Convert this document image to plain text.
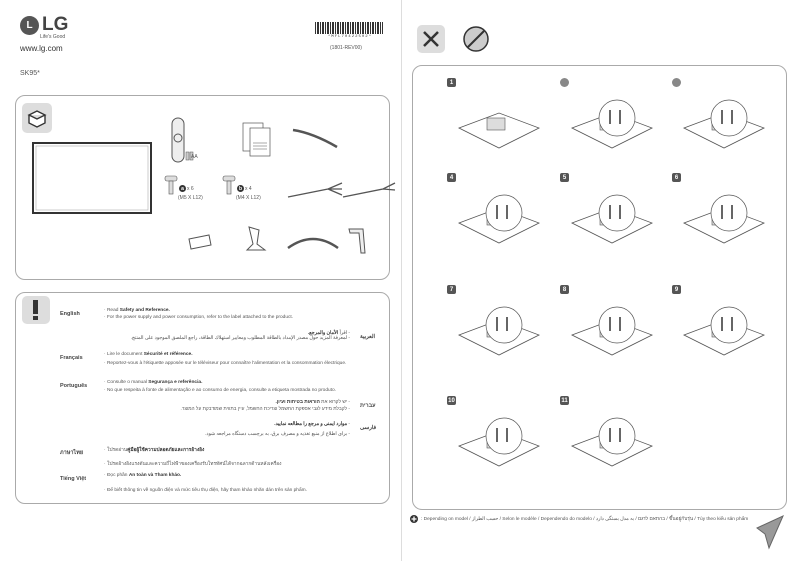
L LG
Life's Good
www.lg.com
SK95*
*MFL70422502*
(1801-REV00)
AA
a x 6
(M5 X L12)
b x 4
(M4 X L12)
English
· Read Safety and Reference.
· For the power supply and power consumption, refer to the label attached to the product.
العربية
- اقرأ الأمان والمرجع.
- لمعرفة المزيد حول مصدر الإمداد بالطاقة المطلوب ومعايير استهلاك الطاقة، راجع الملصق الموجود على المنتج.
Français
· Lire le document Sécurité et référence.
· Reportez-vous à l'étiquette apposée sur le téléviseur pour connaître l'alimentation et la consommation électrique.
Português
· Consulte o manual Segurança e referência.
· No que respeita à fonte de alimentação e ao consumo de energia, consulte a etiqueta mostrada no produto.
עברית
- יש לקרוא את הוראות בטיחות ועיון.
- לקבלת מידע לגבי אספקת החשמל וצריכת החשמל, עיין בתווית שמודבקת על המוצר.
فارسی
- موارد ایمنی و مرجع را مطالعه نمایید.
- برای اطلاع از منبع تغذیه و مصرف برق، به برچسب دستگاه مراجعه شود.
ภาษาไทย	· โปรดอ่านคู่มือผู้ใช้ความปลอดภัยและการอ้างอิง
· โปรดอ้างอิงแรงดันและความถี่ไฟฟ้าของเครื่องรับโทรทัศน์ได้จากฉลากด้านหลังเครื่อง
Tiếng Việt
· Đọc phần An toàn và Tham khảo.
· Để biết thông tin về nguồn điện và mức tiêu thụ điện, hãy tham khảo nhãn dán trên sản phẩm.
1
4	5	6
7	8	9
10	11
: Depending on model / حسب الطراز / Selon le modèle / Dependendo do modelo / בהתאם לדגם / به مدل بستگی دارد / ขึ้นอยู่กับรุ่น / Tùy theo kiểu sản phẩm
